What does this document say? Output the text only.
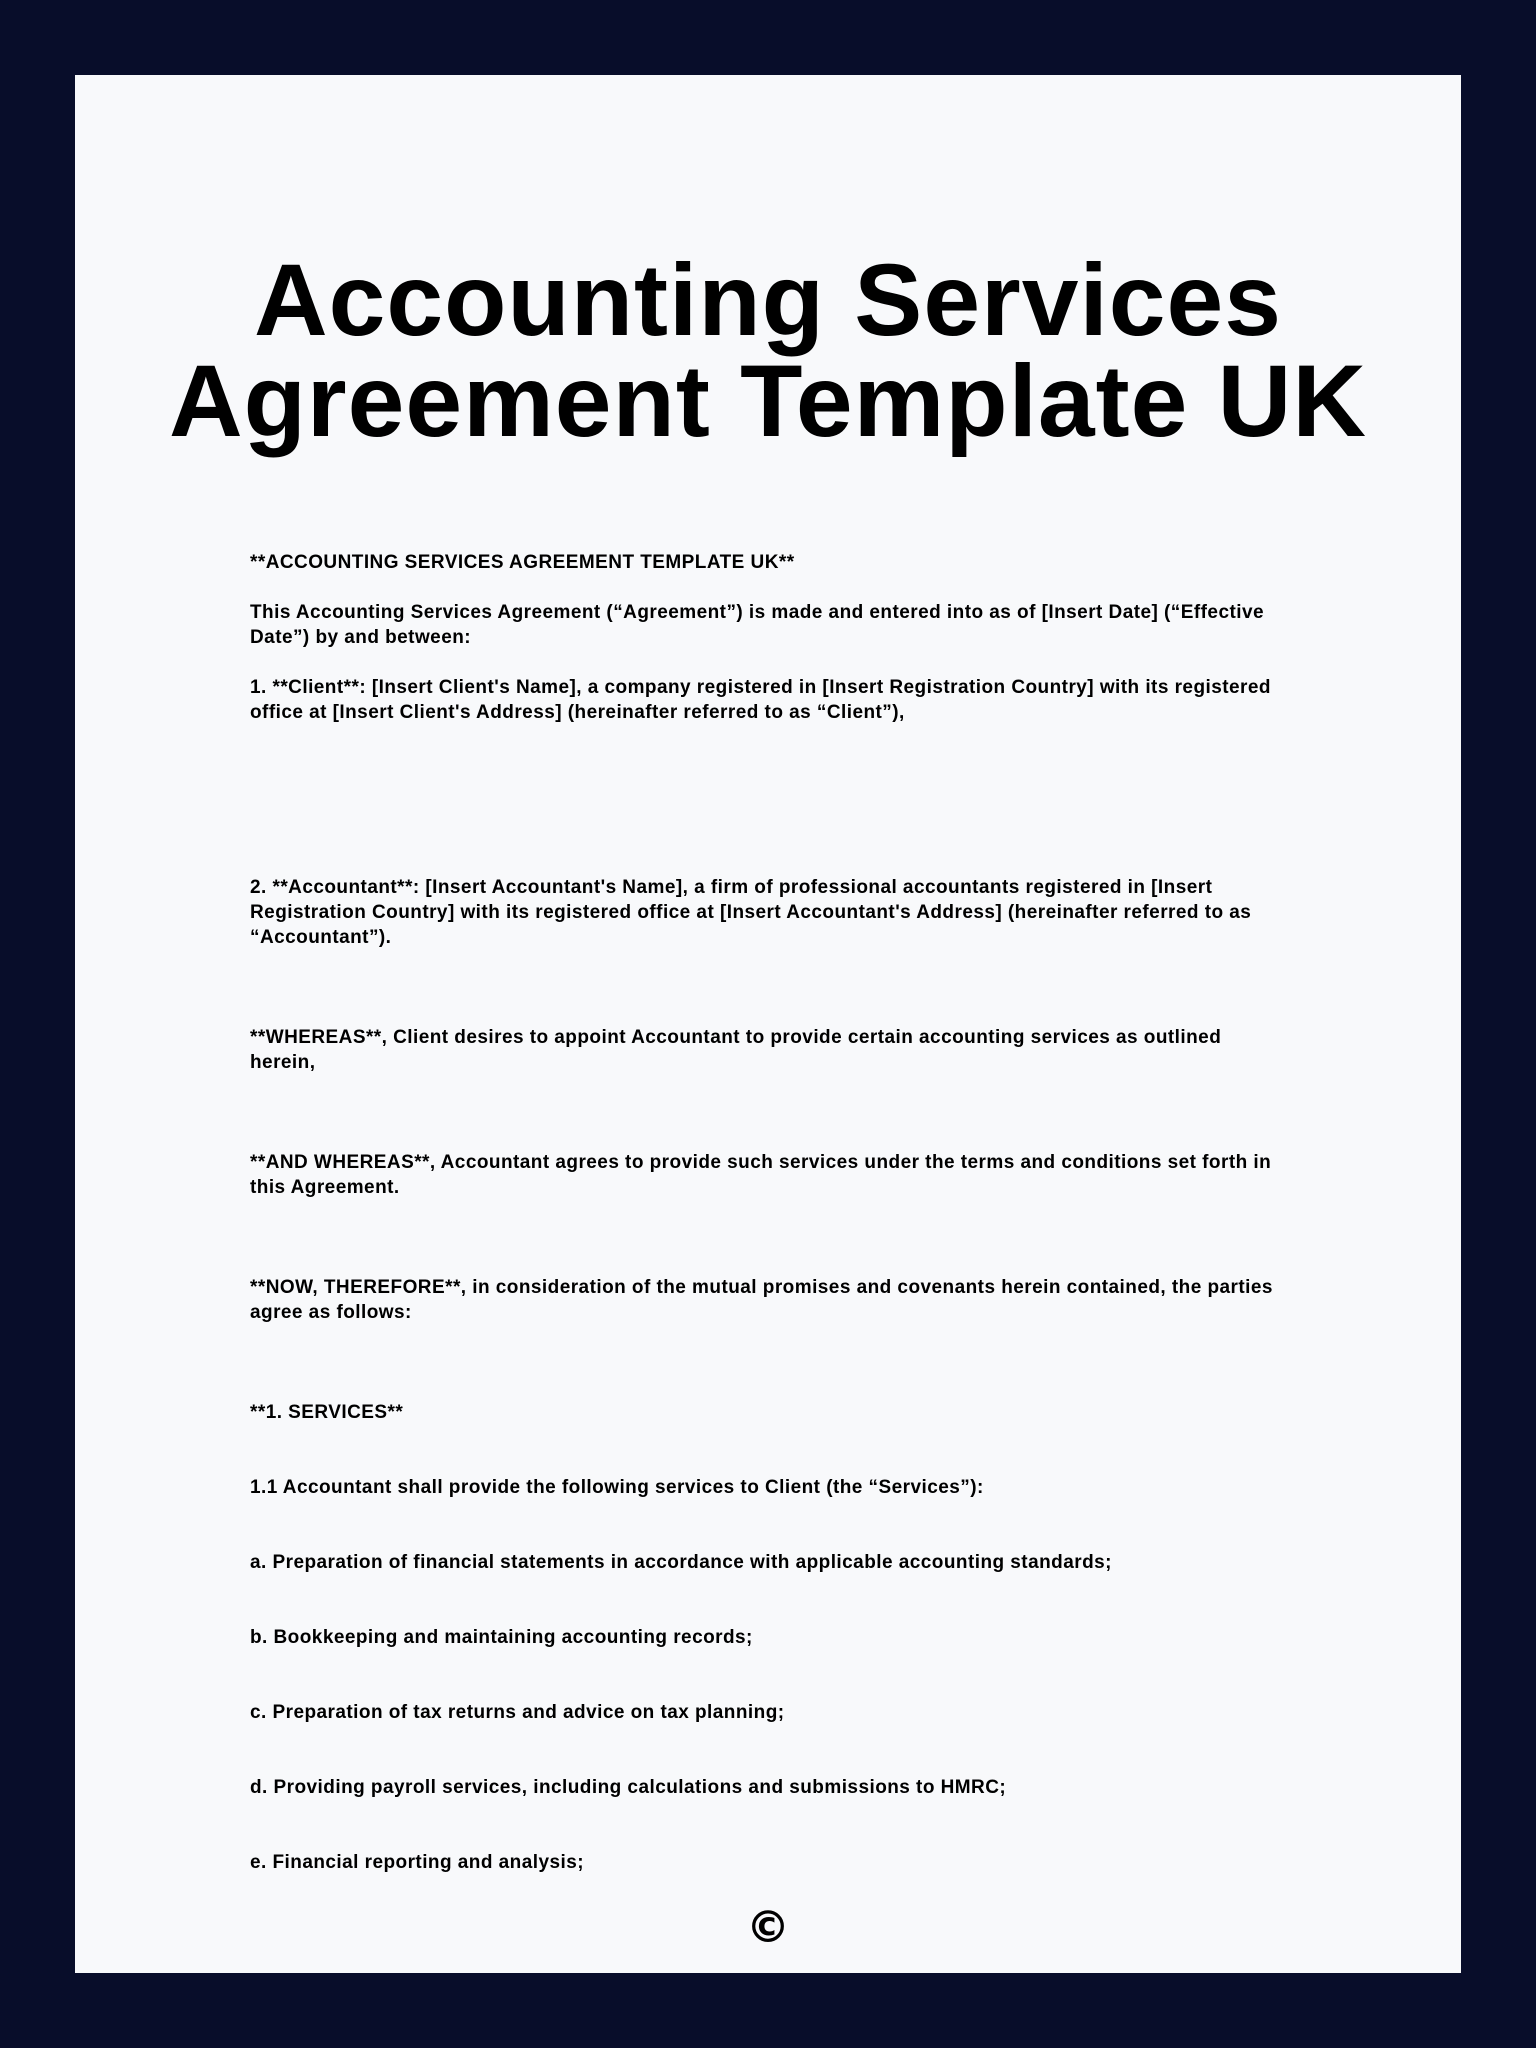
Accounting Services
Agreement Template UK

**ACCOUNTING SERVICES AGREEMENT TEMPLATE UK**

This Accounting Services Agreement (“Agreement”) is made and entered into as of [Insert Date] (“Effective Date”) by and between:

1. **Client**: [Insert Client's Name], a company registered in [Insert Registration Country] with its registered office at [Insert Client's Address] (hereinafter referred to as “Client”),

2. **Accountant**: [Insert Accountant's Name], a firm of professional accountants registered in [Insert Registration Country] with its registered office at [Insert Accountant's Address] (hereinafter referred to as “Accountant”).

**WHEREAS**, Client desires to appoint Accountant to provide certain accounting services as outlined herein,

**AND WHEREAS**, Accountant agrees to provide such services under the terms and conditions set forth in this Agreement.

**NOW, THEREFORE**, in consideration of the mutual promises and covenants herein contained, the parties agree as follows:

**1. SERVICES**

1.1 Accountant shall provide the following services to Client (the “Services”):

a. Preparation of financial statements in accordance with applicable accounting standards;

b. Bookkeeping and maintaining accounting records;

c. Preparation of tax returns and advice on tax planning;

d. Providing payroll services, including calculations and submissions to HMRC;

e. Financial reporting and analysis;

©
